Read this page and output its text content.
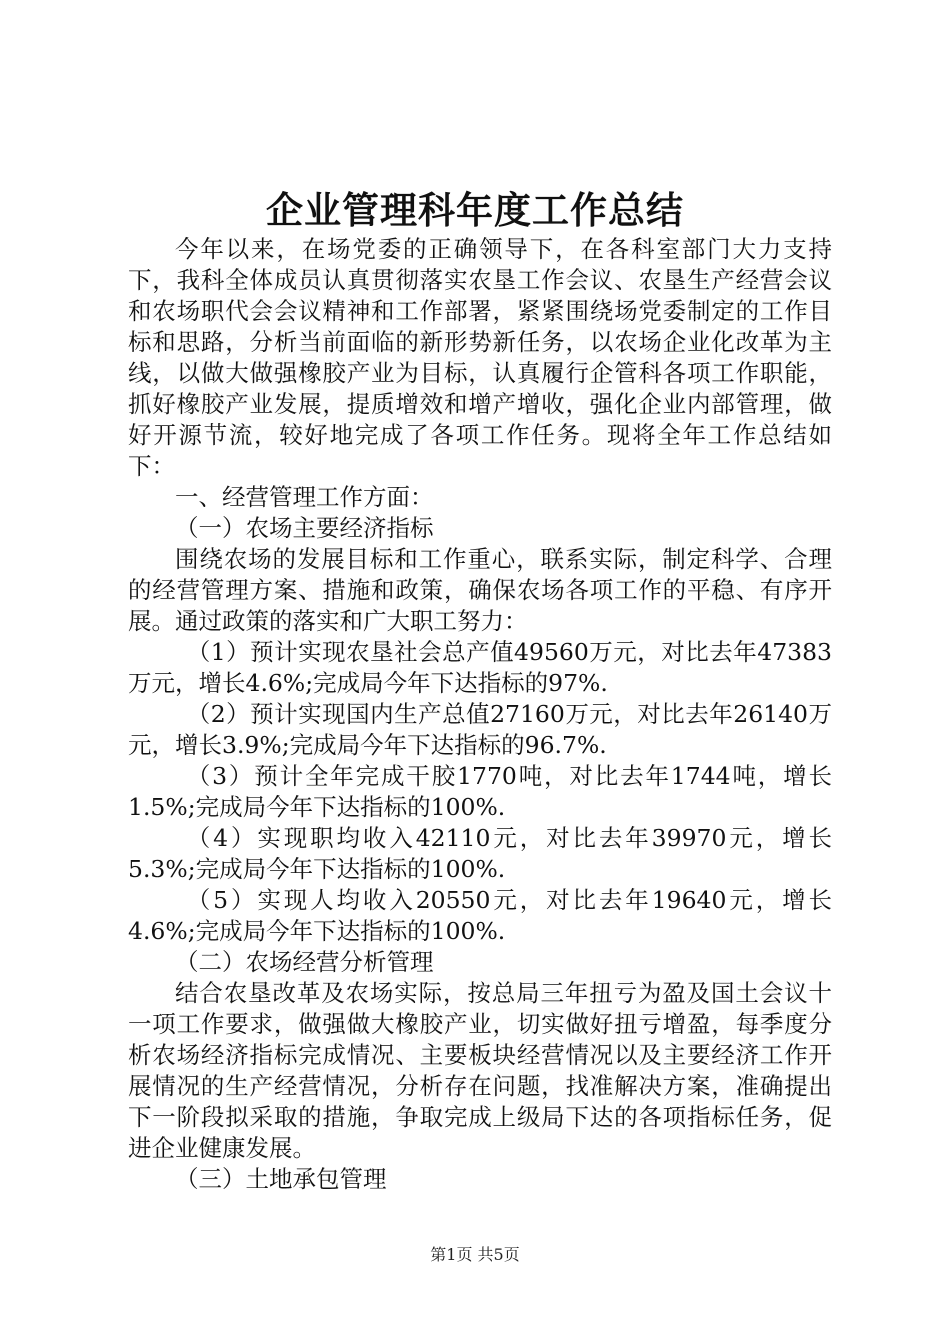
企业管理科年度工作总结

今年以来，在场党委的正确领导下，在各科室部门大力支持下，我科全体成员认真贯彻落实农垦工作会议、农垦生产经营会议和农场职代会会议精神和工作部署，紧紧围绕场党委制定的工作目标和思路，分析当前面临的新形势新任务，以农场企业化改革为主线，以做大做强橡胶产业为目标，认真履行企管科各项工作职能，抓好橡胶产业发展，提质增效和增产增收，强化企业内部管理，做好开源节流，较好地完成了各项工作任务。现将全年工作总结如下：

一、经营管理工作方面：

（一）农场主要经济指标

围绕农场的发展目标和工作重心，联系实际，制定科学、合理的经营管理方案、措施和政策，确保农场各项工作的平稳、有序开展。通过政策的落实和广大职工努力：

（1）预计实现农垦社会总产值49560万元，对比去年47383万元，增长4.6%;完成局今年下达指标的97%.

（2）预计实现国内生产总值27160万元，对比去年26140万元，增长3.9%;完成局今年下达指标的96.7%.

（3）预计全年完成干胶1770吨，对比去年1744吨，增长1.5%;完成局今年下达指标的100%.

（4）实现职均收入42110元，对比去年39970元，增长5.3%;完成局今年下达指标的100%.

（5）实现人均收入20550元，对比去年19640元，增长4.6%;完成局今年下达指标的100%.

（二）农场经营分析管理

结合农垦改革及农场实际，按总局三年扭亏为盈及国土会议十一项工作要求，做强做大橡胶产业，切实做好扭亏增盈，每季度分析农场经济指标完成情况、主要板块经营情况以及主要经济工作开展情况的生产经营情况，分析存在问题，找准解决方案，准确提出下一阶段拟采取的措施，争取完成上级局下达的各项指标任务，促进企业健康发展。

（三）土地承包管理

第1页 共5页
